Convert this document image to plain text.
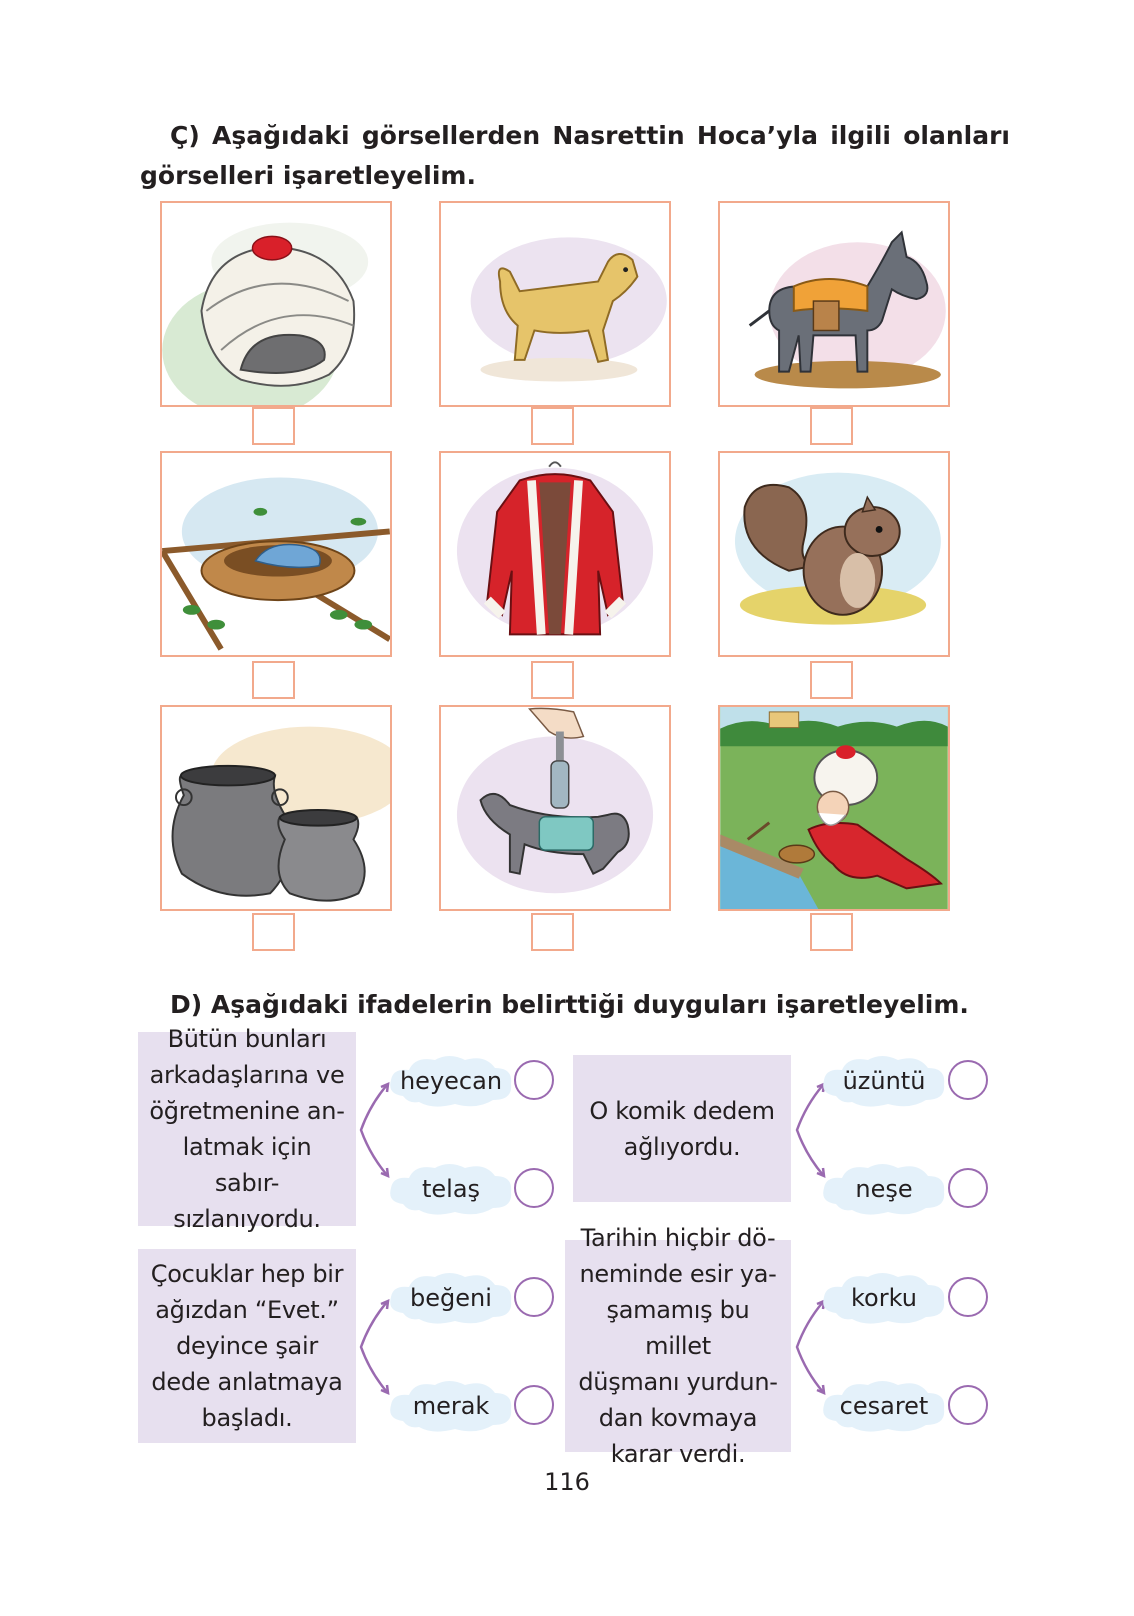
Ç) Aşağıdaki görsellerden Nasrettin Hoca’yla ilgili olanları görselleri işaretleyelim.

D) Aşağıdaki ifadelerin belirttiği duyguları işaretleyelim.

Bütün bunları
arkadaşlarına ve
öğretmenine an-
latmak için sabır-
sızlanıyordu.
heyecan
telaş
O komik dedem
ağlıyordu.
üzüntü
neşe
Çocuklar hep bir
ağızdan “Evet.”
deyince şair
dede anlatmaya
başladı.
beğeni
merak
Tarihin hiçbir dö-
neminde esir ya-
şamamış bu millet
düşmanı yurdun-
dan kovmaya
karar verdi.
korku
cesaret
116
